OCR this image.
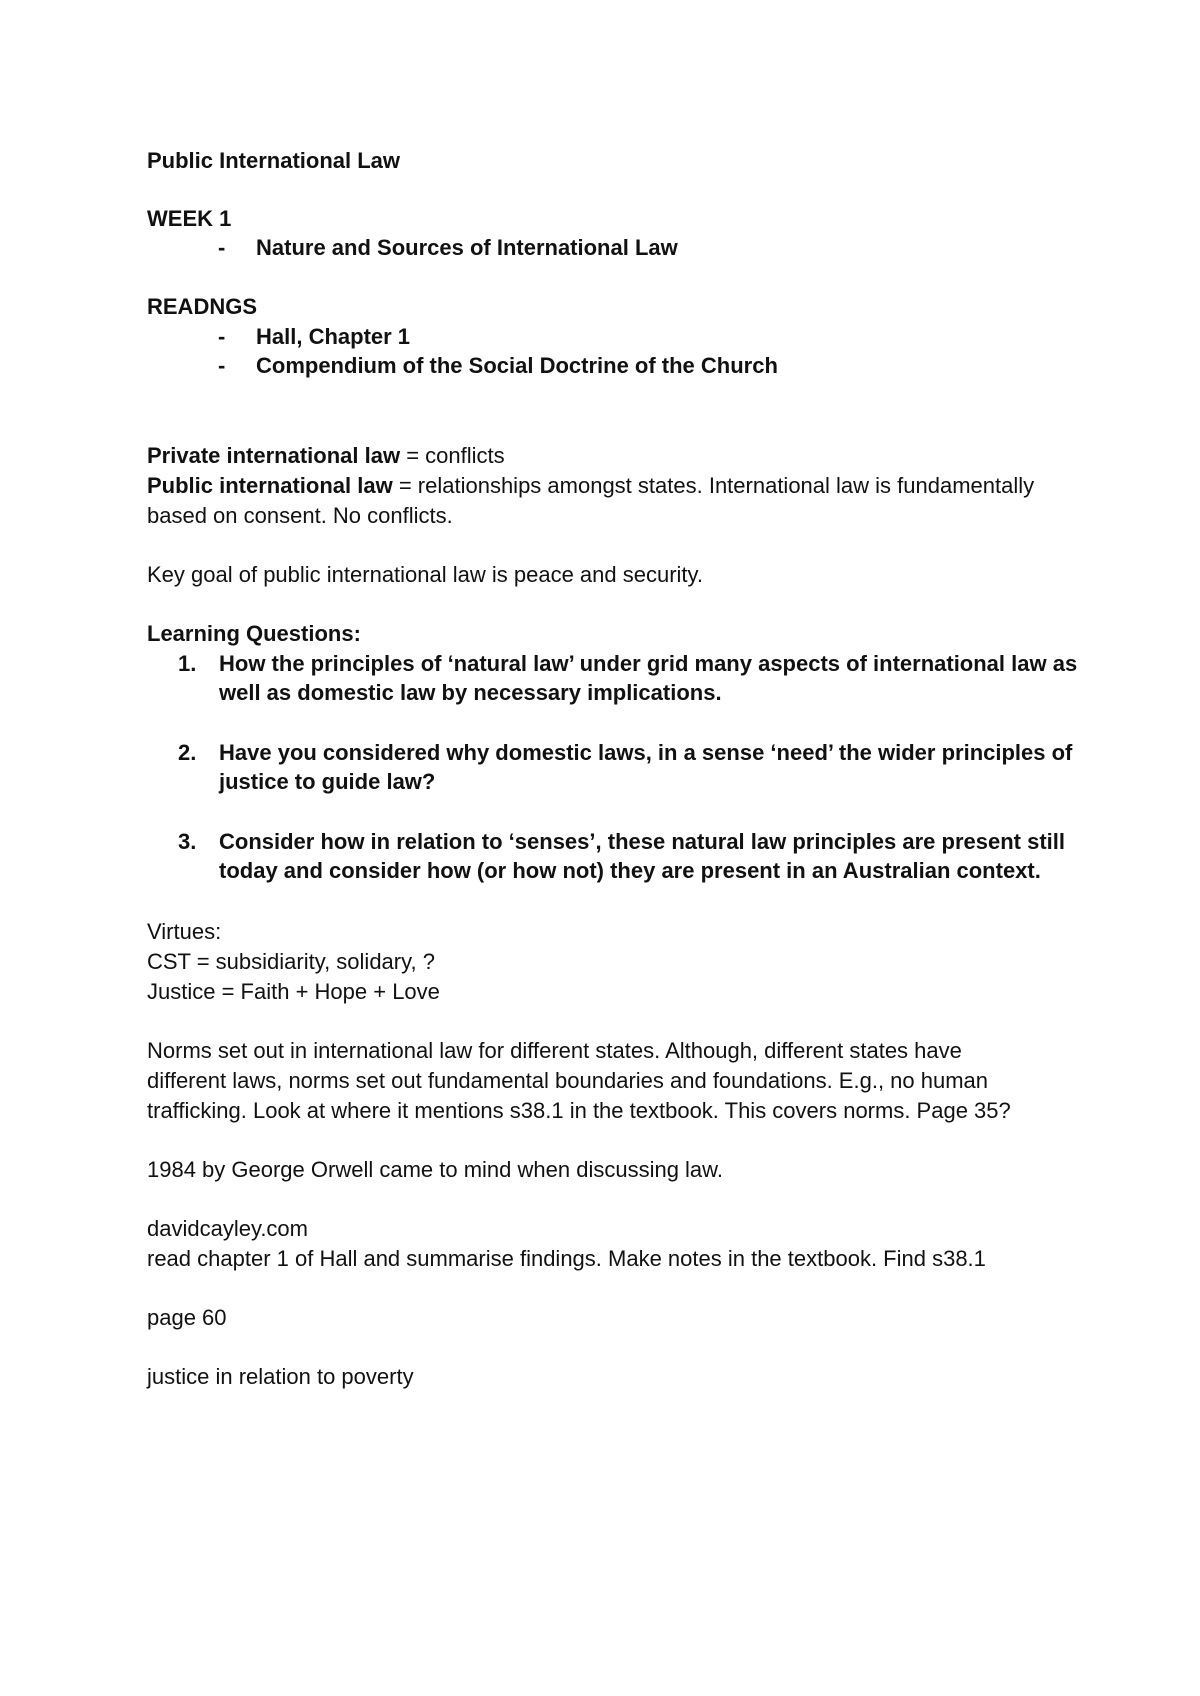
Public International Law
WEEK 1
- Nature and Sources of International Law
READNGS
- Hall, Chapter 1
- Compendium of the Social Doctrine of the Church
Private international law = conflicts
Public international law = relationships amongst states. International law is fundamentally
based on consent. No conflicts.
Key goal of public international law is peace and security.
Learning Questions:
1. How the principles of ‘natural law’ under grid many aspects of international law as
well as domestic law by necessary implications.
2. Have you considered why domestic laws, in a sense ‘need’ the wider principles of
justice to guide law?
3. Consider how in relation to ‘senses’, these natural law principles are present still
today and consider how (or how not) they are present in an Australian context.
Virtues:
CST = subsidiarity, solidary, ?
Justice = Faith + Hope + Love
Norms set out in international law for different states. Although, different states have
different laws, norms set out fundamental boundaries and foundations. E.g., no human
trafficking. Look at where it mentions s38.1 in the textbook. This covers norms. Page 35?
1984 by George Orwell came to mind when discussing law.
davidcayley.com
read chapter 1 of Hall and summarise findings. Make notes in the textbook. Find s38.1
page 60
justice in relation to poverty
